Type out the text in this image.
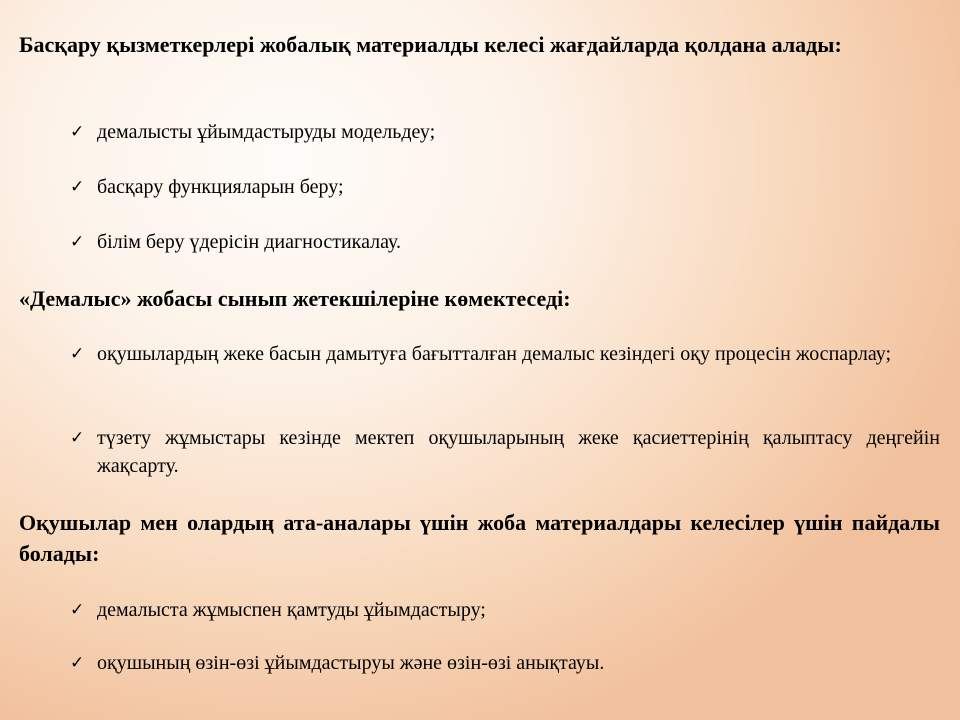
Басқару қызметкерлері жобалық материалды келесі жағдайларда қолдана алады:

✓ демалысты ұйымдастыруды модельдеу;
✓ басқару функцияларын беру;
✓ білім беру үдерісін диагностикалау.

«Демалыс» жобасы сынып жетекшілеріне көмектеседі:

✓ оқушылардың жеке басын дамытуға бағытталған демалыс кезіндегі оқу процесін жоспарлау;
✓ түзету жұмыстары кезінде мектеп оқушыларының жеке қасиеттерінің қалыптасу деңгейін жақсарту.

Оқушылар мен олардың ата-аналары үшін жоба материалдары келесілер үшін пайдалы болады:

✓ демалыста жұмыспен қамтуды ұйымдастыру;
✓ оқушының өзін-өзі ұйымдастыруы және өзін-өзі анықтауы.
